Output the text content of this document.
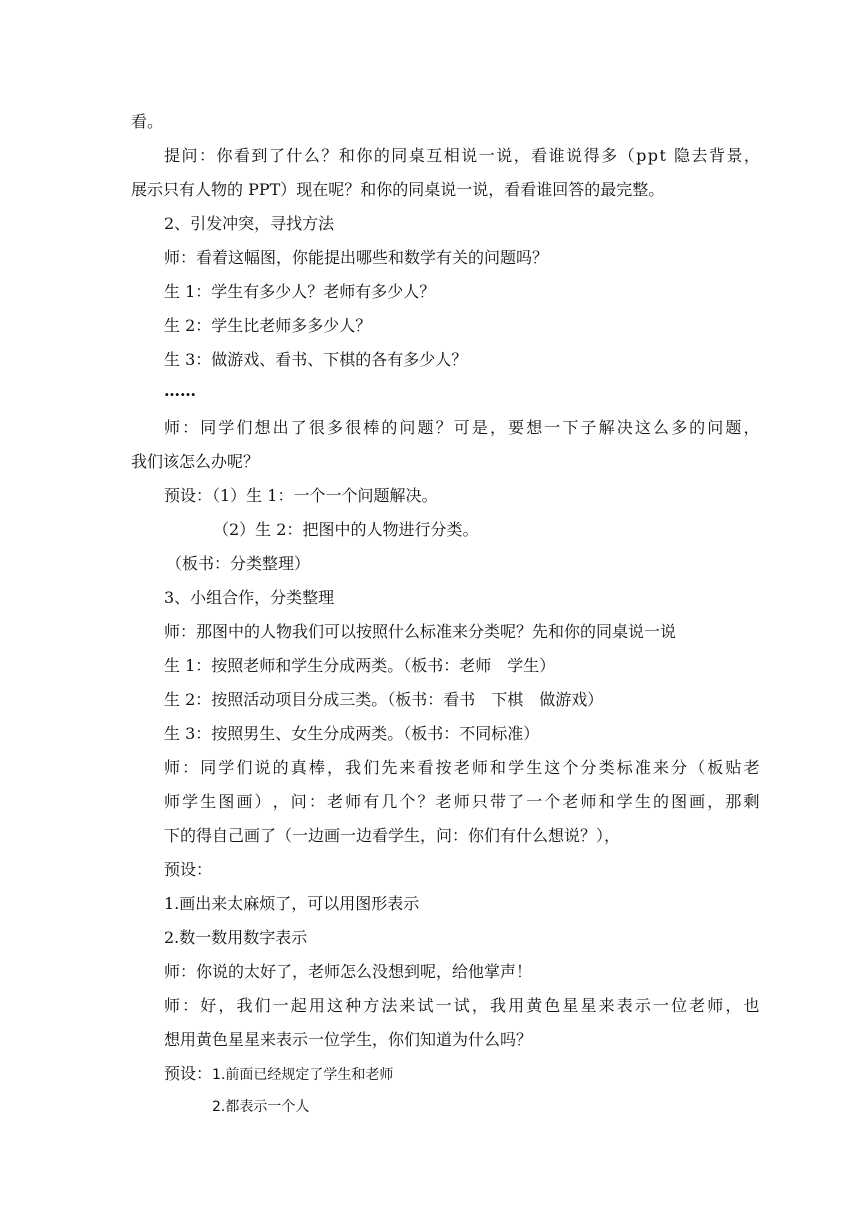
看。
提 问 ： 你 看 到 了 什 么 ？ 和 你 的 同 桌 互 相 说 一 说 ， 看 谁 说 得 多 （ p p t
隐 去 背 景 ，
展示只有人物的 PPT）现在呢？和你的同桌说一说，看看谁回答的最完整。
2、引发冲突，寻找方法
师：看着这幅图，你能提出哪些和数学有关的问题吗？
生 1：学生有多少人？老师有多少人？
生 2：学生比老师多多少人？
生 3：做游戏、看书、下棋的各有多少人？
……
师 ： 同 学 们 想 出 了 很 多 很 棒 的 问 题 ？ 可 是 ， 要 想 一 下 子 解 决 这 么 多 的 问 题 ，
我们该怎么办呢？
预设：（1）生 1：一个一个问题解决。
（2）生 2：把图中的人物进行分类。
（板书：分类整理）
3、小组合作，分类整理
师：那图中的人物我们可以按照什么标准来分类呢？先和你的同桌说一说
生 1：按照老师和学生分成两类。（板书：老师　学生）
生 2：按照活动项目分成三类。（板书：看书　下棋　做游戏）
生 3：按照男生、女生分成两类。（板书：不同标准）
师 ： 同 学 们 说 的 真 棒 ， 我 们 先 来 看 按 老 师 和 学 生 这 个 分 类 标 准 来 分 （ 板 贴 老
师 学 生 图 画 ） ， 问 ： 老 师 有 几 个 ？ 老 师 只 带 了 一 个 老 师 和 学 生 的 图 画 ， 那 剩
下的得自己画了（一边画一边看学生，问：你们有什么想说？），
预设：
1.画出来太麻烦了，可以用图形表示
2.数一数用数字表示
师：你说的太好了，老师怎么没想到呢，给他掌声！
师 ： 好 ， 我 们 一 起 用 这 种 方 法 来 试 一 试 ， 我 用 黄 色 星 星 来 表 示 一 位 老 师 ， 也
想用黄色星星来表示一位学生，你们知道为什么吗？
预设：1.前面已经规定了学生和老师
2.都表示一个人
